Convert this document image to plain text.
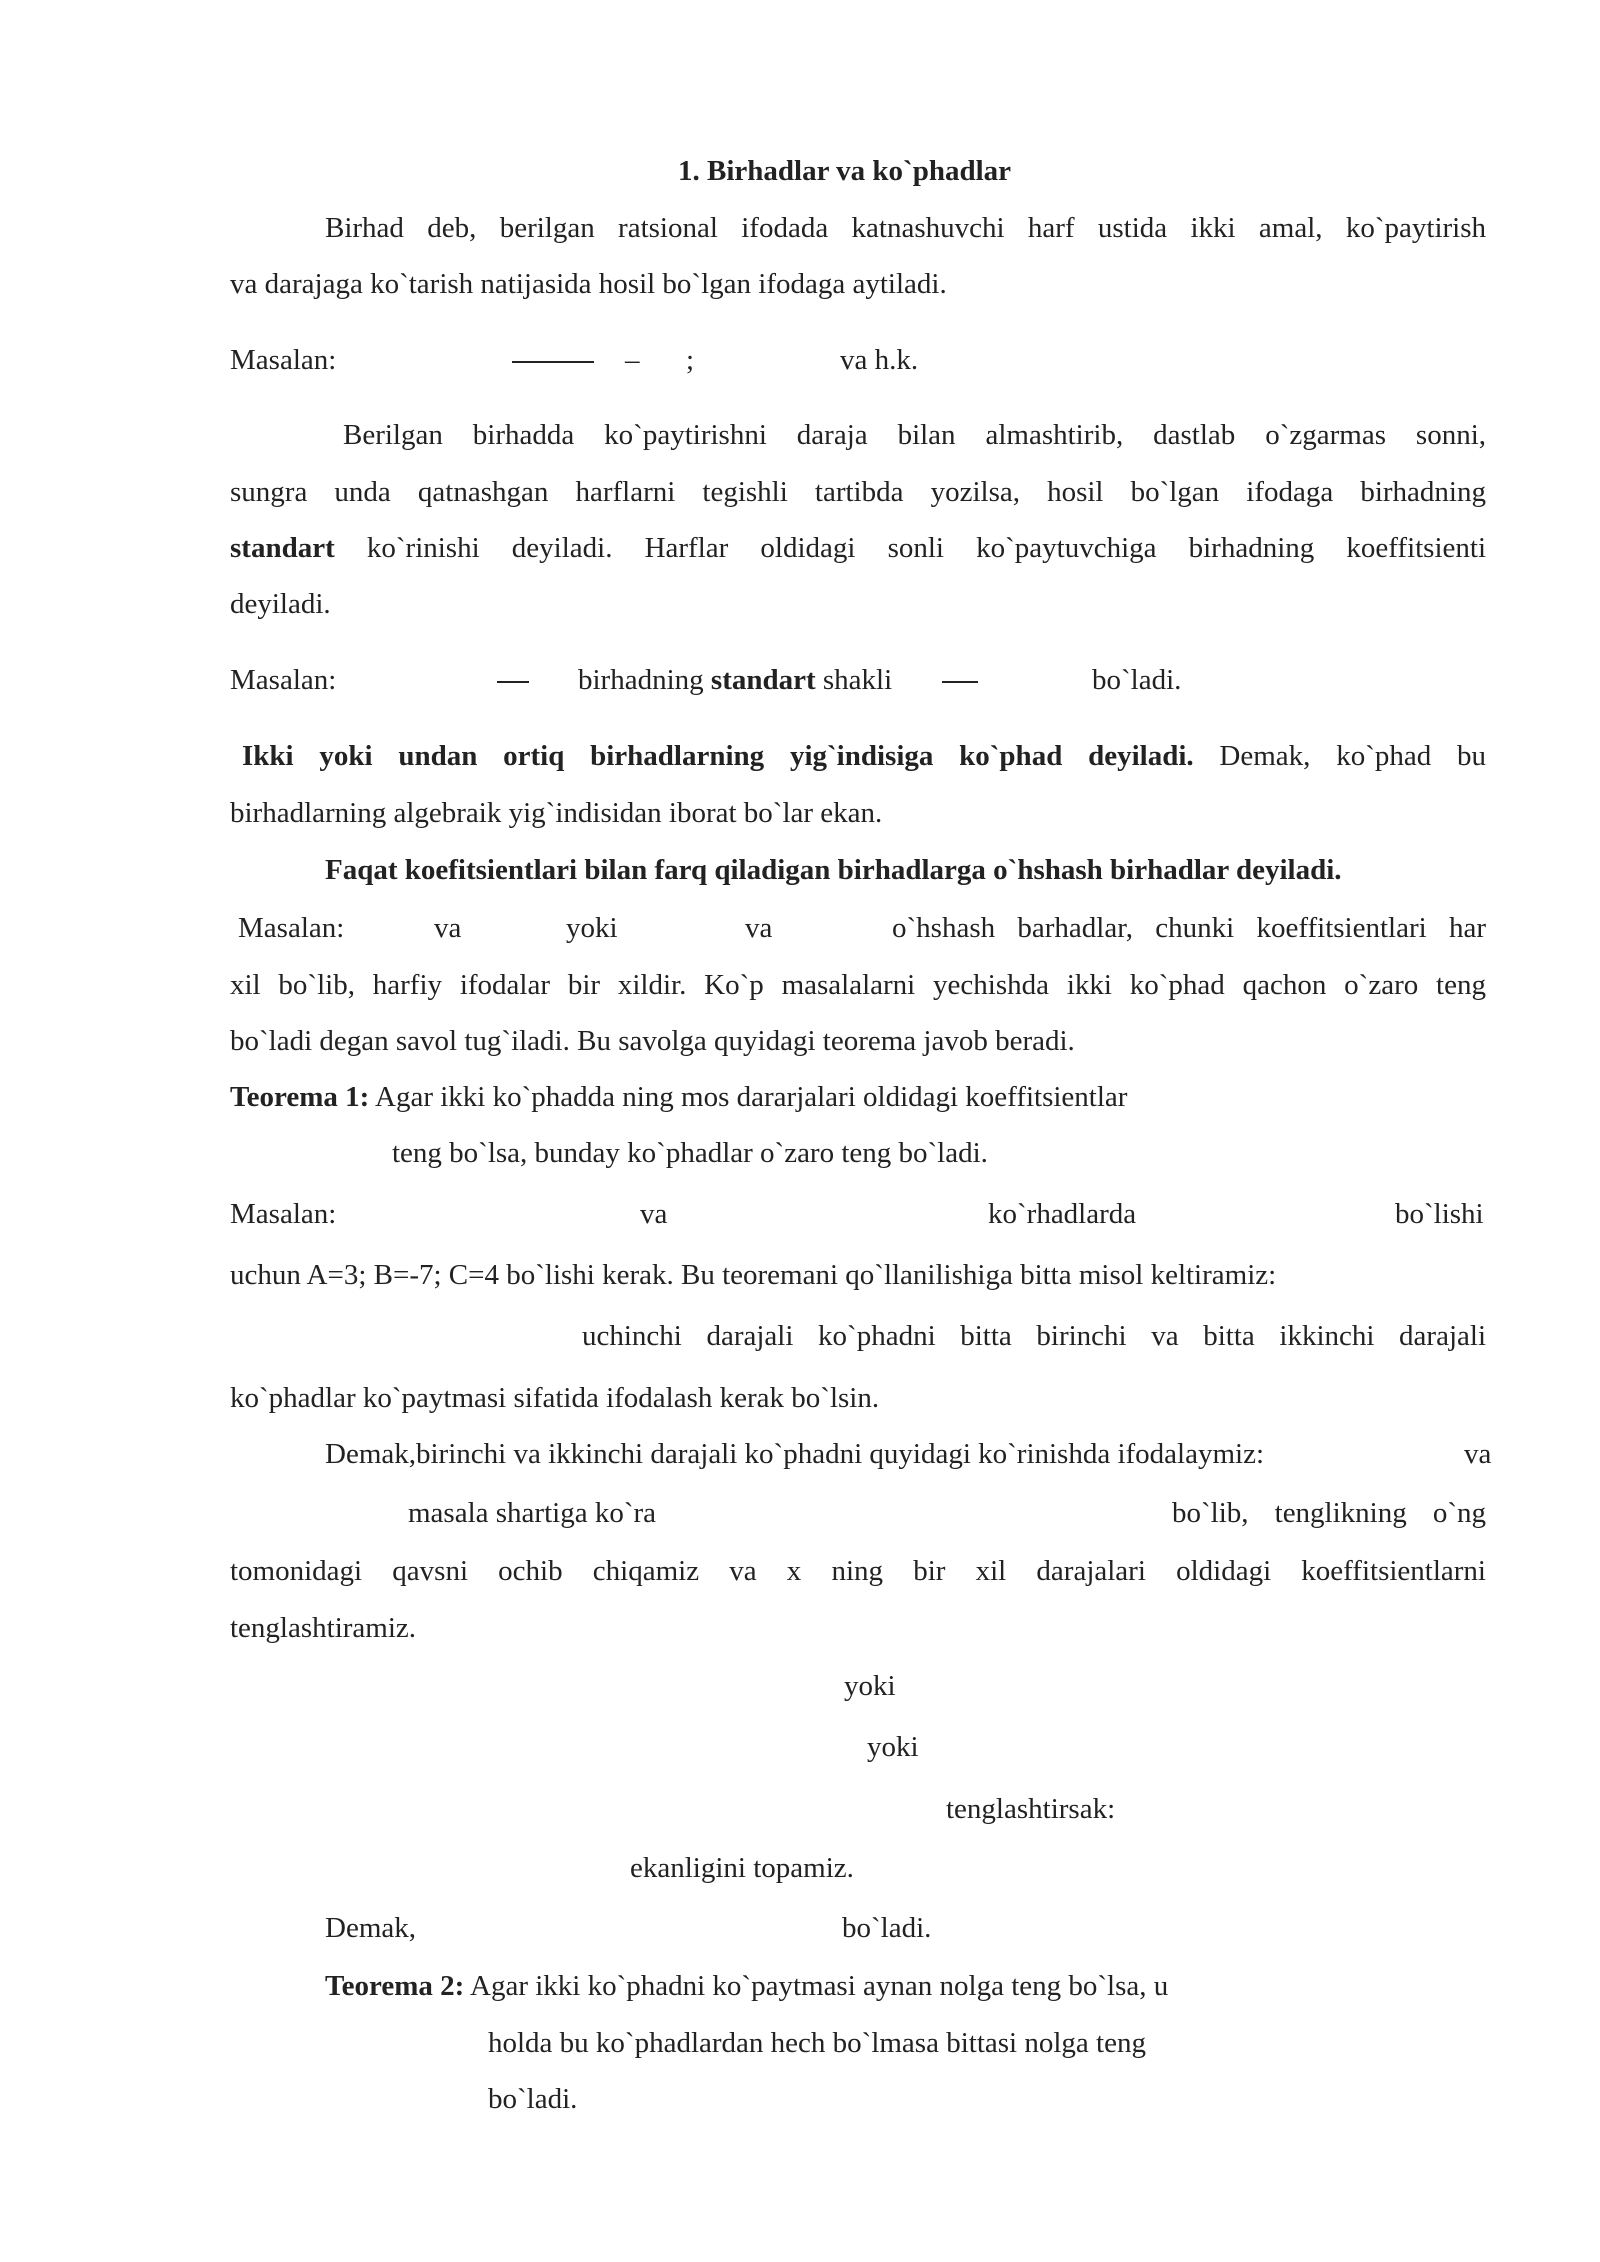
1. Birhadlar va ko`phadlar
Birhad deb, berilgan ratsional ifodada katnashuvchi harf ustida ikki amal, ko`paytirish
va darajaga ko`tarish natijasida hosil bo`lgan ifodaga aytiladi.
Masalan:	– ;	va h.k.
Berilgan birhadda ko`paytirishni daraja bilan almashtirib, dastlab o`zgarmas sonni,
sungra unda qatnashgan harflarni tegishli tartibda yozilsa, hosil bo`lgan ifodaga birhadning
standart ko`rinishi deyiladi. Harflar oldidagi sonli ko`paytuvchiga birhadning koeffitsienti
deyiladi.
Masalan:	birhadning standart shakli	bo`ladi.
Ikki yoki undan ortiq birhadlarning yig`indisiga ko`phad deyiladi. Demak, ko`phad bu
birhadlarning algebraik yig`indisidan iborat bo`lar ekan.
Faqat koefitsientlari bilan farq qiladigan birhadlarga o`hshash birhadlar deyiladi.
Masalan:	va	yoki	va	o`hshash barhadlar, chunki koeffitsientlari har
xil bo`lib, harfiy ifodalar bir xildir. Ko`p masalalarni yechishda ikki ko`phad qachon o`zaro teng
bo`ladi degan savol tug`iladi. Bu savolga quyidagi teorema javob beradi.
Teorema 1: Agar ikki ko`phadda ning mos dararjalari oldidagi koeffitsientlar
teng bo`lsa, bunday ko`phadlar o`zaro teng bo`ladi.
Masalan:	va	ko`rhadlarda	bo`lishi
uchun A=3; B=-7; C=4 bo`lishi kerak. Bu teoremani qo`llanilishiga bitta misol keltiramiz:
uchinchi darajali ko`phadni bitta birinchi va bitta ikkinchi darajali
ko`phadlar ko`paytmasi sifatida ifodalash kerak bo`lsin.
Demak,birinchi va ikkinchi darajali ko`phadni quyidagi ko`rinishda ifodalaymiz:	va
masala shartiga ko`ra	bo`lib, tenglikning o`ng
tomonidagi qavsni ochib chiqamiz va x ning bir xil darajalari oldidagi koeffitsientlarni
tenglashtiramiz.
yoki
yoki
tenglashtirsak:
ekanligini topamiz.
Demak,	bo`ladi.
Teorema 2: Agar ikki ko`phadni ko`paytmasi aynan nolga teng bo`lsa, u
holda bu ko`phadlardan hech bo`lmasa bittasi nolga teng
bo`ladi.
